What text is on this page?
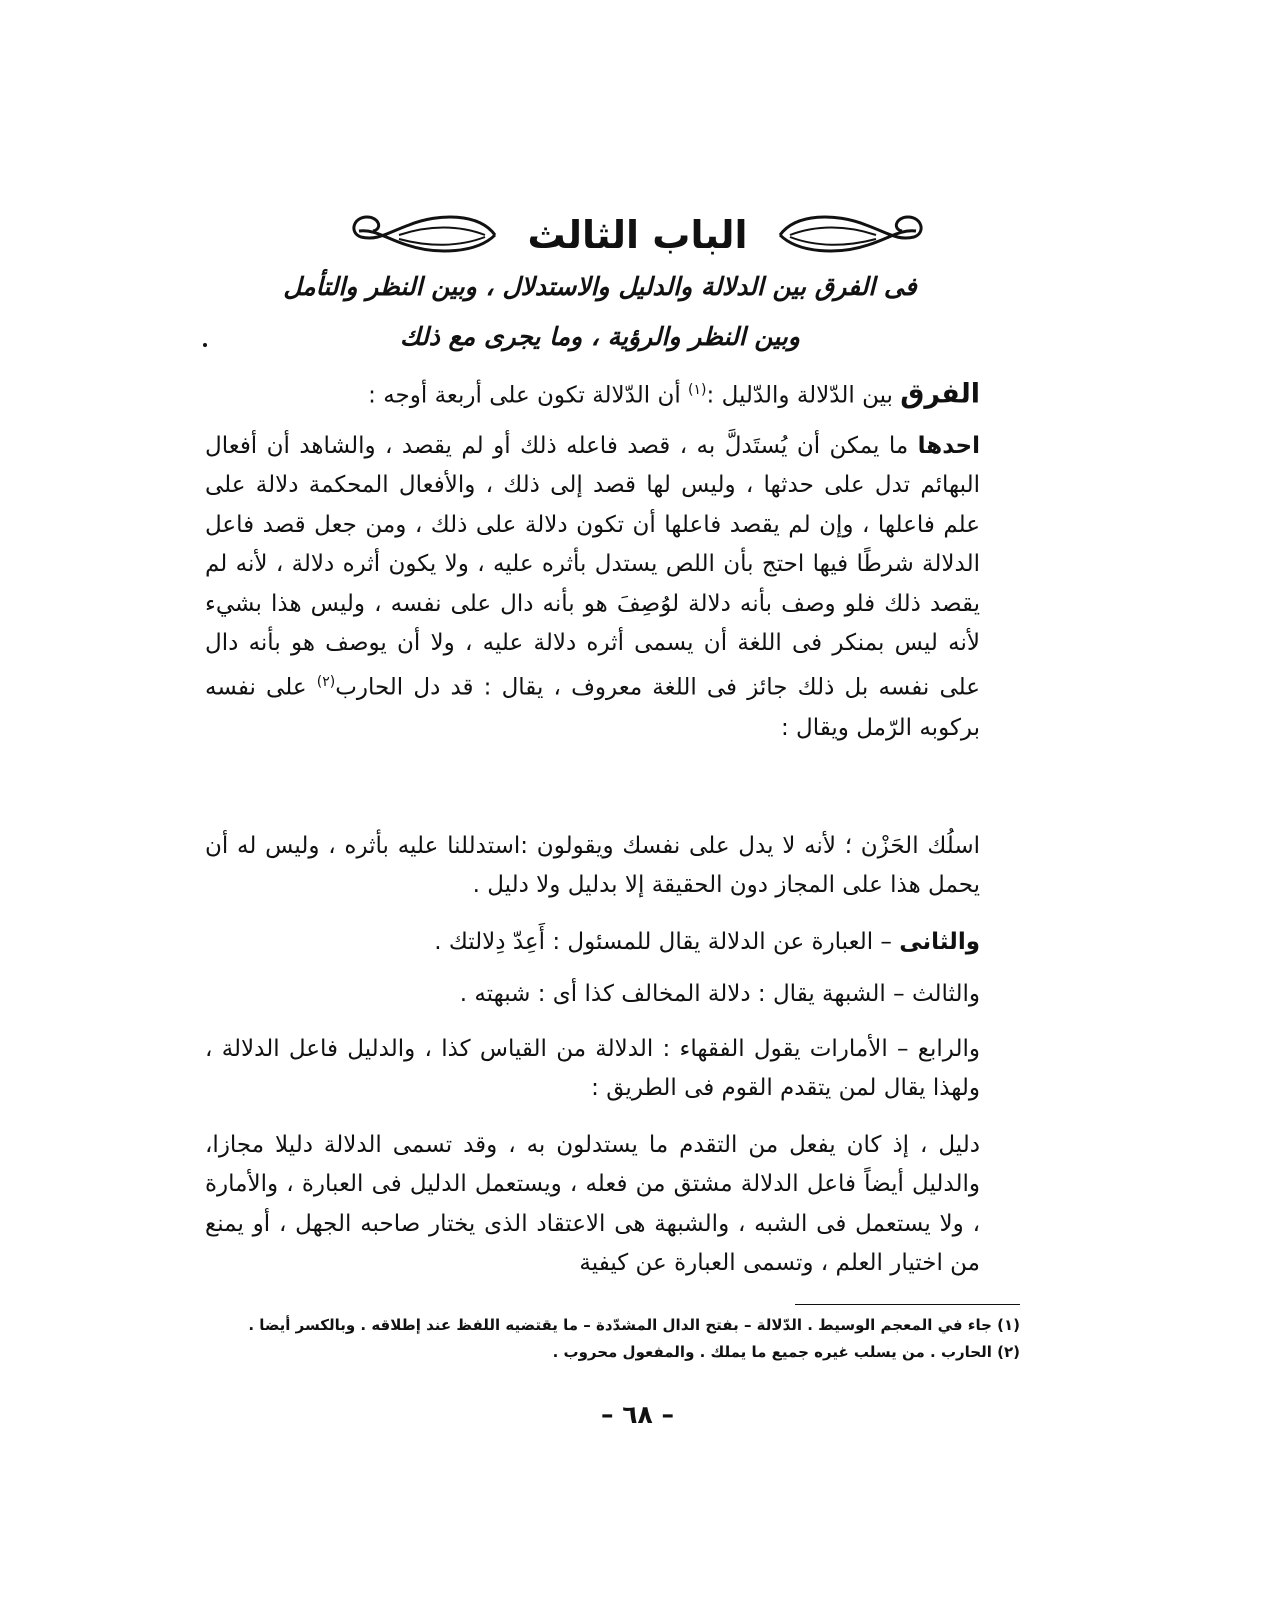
الباب الثالث
فى الفرق بين الدلالة والدليل والاستدلال ، وبين النظر والتأمل
وبين النظر والرؤية ، وما يجرى مع ذلك
الفرق بين الدّلالة والدّليل :$^{(١)}$ أن الدّلالة تكون على أربعة أوجه :
احدها ما يمكن أن يُستَدلَّ به ، قصد فاعله ذلك أو لم يقصد ، والشاهد أن أفعال البهائم تدل على حدثها ، وليس لها قصد إلى ذلك ، والأفعال المحكمة دلالة على علم فاعلها ، وإن لم يقصد فاعلها أن تكون دلالة على ذلك ، ومن جعل قصد فاعل الدلالة شرطًا فيها احتج بأن اللص يستدل بأثره عليه ، ولا يكون أثره دلالة ، لأنه لم يقصد ذلك فلو وصف بأنه دلالة لوُصِفَ هو بأنه دال على نفسه ، وليس هذا بشيء لأنه ليس بمنكر فى اللغة أن يسمى أثره دلالة عليه ، ولا أن يوصف هو بأنه دال على نفسه بل ذلك جائز فى اللغة معروف ، يقال : قد دل الحارب$^{(٢)}$ على نفسه بركوبه الرّمل ويقال :
اسلُك الحَزْن ؛ لأنه لا يدل على نفسك ويقولون :استدللنا عليه بأثره ، وليس له أن يحمل هذا على المجاز دون الحقيقة إلا بدليل ولا دليل .
والثانى – العبارة عن الدلالة يقال للمسئول : أَعِدّ دِلالتك .
والثالث – الشبهة يقال : دلالة المخالف كذا أى : شبهته .
والرابع – الأمارات يقول الفقهاء : الدلالة من القياس كذا ، والدليل فاعل الدلالة ، ولهذا يقال لمن يتقدم القوم فى الطريق :
دليل ، إذ كان يفعل من التقدم ما يستدلون به ، وقد تسمى الدلالة دليلا مجازا، والدليل أيضاً فاعل الدلالة مشتق من فعله ، ويستعمل الدليل فى العبارة ، والأمارة ، ولا يستعمل فى الشبه ، والشبهة هى الاعتقاد الذى يختار صاحبه الجهل ، أو يمنع من اختيار العلم ، وتسمى العبارة عن كيفية
(١) جاء في المعجم الوسيط . الدّلالة – بفتح الدال المشدّدة – ما يقتضيه اللفظ عند إطلاقه . وبالكسر أيضا .
(٢) الحارب . من يسلب غيره جميع ما يملك . والمفعول محروب .
– ٦٨ –
